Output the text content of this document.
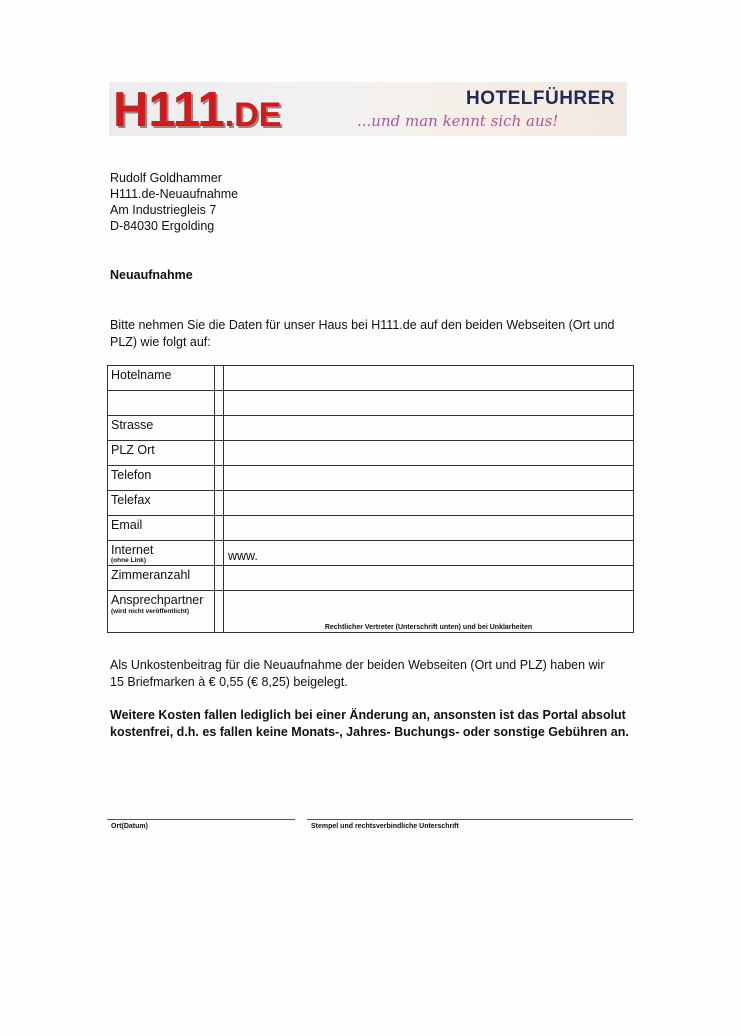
H111.DE	HOTELFÜHRER
...und man kennt sich aus!
Rudolf Goldhammer
H111.de-Neuaufnahme
Am Industriegleis 7
D-84030 Ergolding
Neuaufnahme
Bitte nehmen Sie die Daten für unser Haus bei H111.de auf den beiden Webseiten (Ort und
PLZ) wie folgt auf:
Hotelname		

Strasse		
PLZ Ort		
Telefon		
Telefax		
Email		

Internet
(ohne Link)		www.

Zimmeranzahl		

Ansprechpartner
(wird nicht veröffentlicht)		Rechtlicher Vertreter (Unterschrift unten) und bei Unklarheiten
Als Unkostenbeitrag für die Neuaufnahme der beiden Webseiten (Ort und PLZ) haben wir
15 Briefmarken à € 0,55 (€ 8,25) beigelegt.
Weitere Kosten fallen lediglich bei einer Änderung an, ansonsten ist das Portal absolut
kostenfrei, d.h. es fallen keine Monats-, Jahres- Buchungs- oder sonstige Gebühren an.
Ort(Datum)	Stempel und rechtsverbindliche Unterschrift
